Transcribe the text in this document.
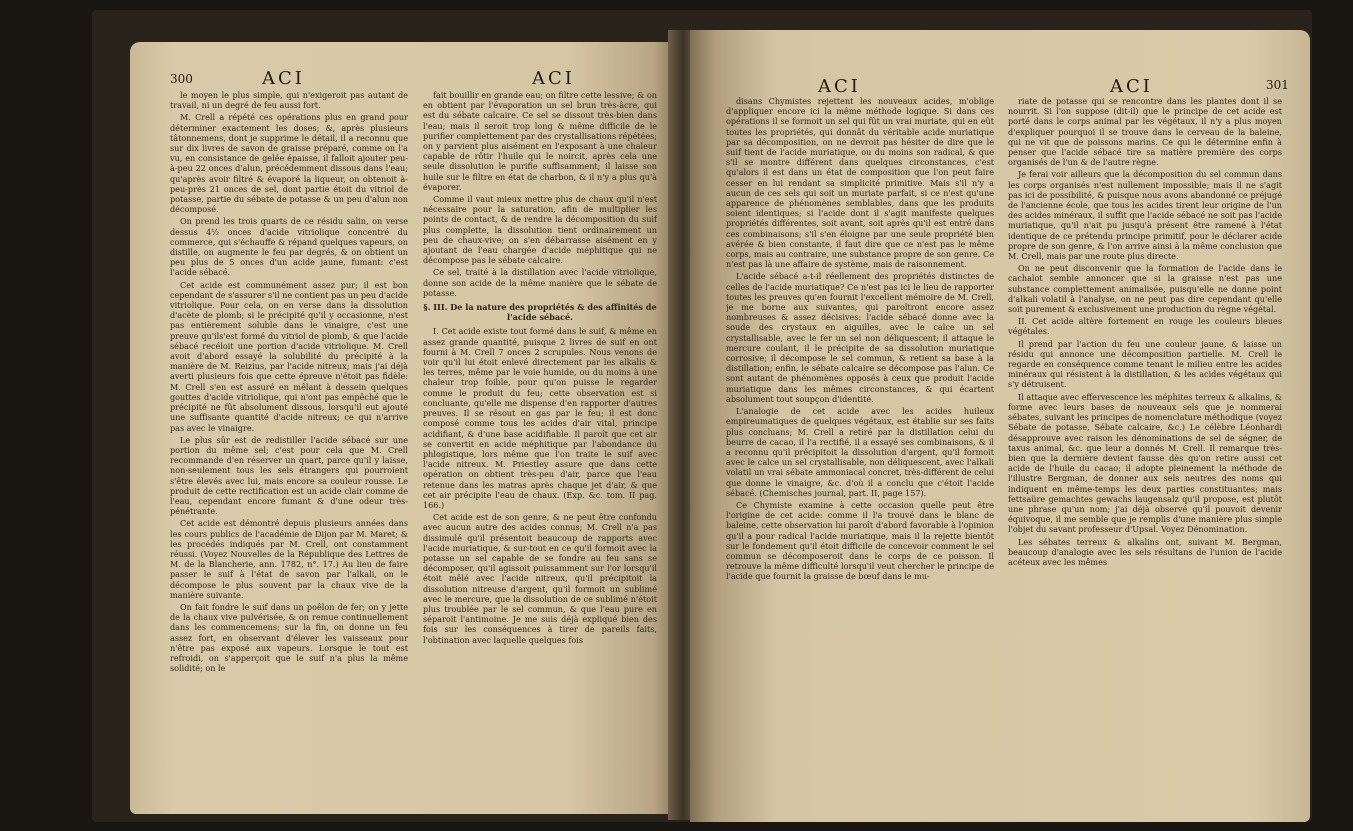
300	ACI	ACI

le moyen le plus simple, qui n'exigeroit pas autant de travail, ni un degré de feu aussi fort.

M. Crell a répété ces opérations plus en grand pour déterminer exactement les doses; &, après plusieurs tâtonnemens, dont je supprime le détail, il a reconnu que sur dix livres de savon de graisse préparé, comme on l'a vu, en consistance de gelée épaisse, il falloit ajouter peu-à-peu 22 onces d'alun, précédemment dissous dans l'eau; qu'après avoir filtré & évaporé la liqueur, on obtenoit à-peu-près 21 onces de sel, dont partie étoit du vitriol de potasse, partie du sébate de potasse & un peu d'alun non décomposé.

On prend les trois quarts de ce résidu salin, on verse dessus 4½ onces d'acide vitriolique concentré du commerce, qui s'échauffe & répand quelques vapeurs, on distille, on augmente le feu par degrés, & on obtient un peu plus de 5 onces d'un acide jaune, fumant: c'est l'acide sébacé.

Cet acide est communément assez pur; il est bon cependant de s'assurer s'il ne contient pas un peu d'acide vitriolique. Pour cela, on en verse dans la dissolution d'acète de plomb; si le précipité qu'il y occasionne, n'est pas entièrement soluble dans le vinaigre, c'est une preuve qu'ils'est formé du vitriol de plomb, & que l'acide sébacé recéloit une portion d'acide vitriolique. M. Crell avoit d'abord essayé la solubilité du précipité à la manière de M. Reizius, par l'acide nitreux; mais j'ai déjà averti plusieurs fois que cette épreuve n'étoit pas fidèle: M. Crell s'en est assuré en mêlant à dessein quelques gouttes d'acide vitriolique, qui n'ont pas empêché que le précipité ne fût absolument dissous, lorsqu'il eut ajouté une suffisante quantité d'acide nitreux; ce qui n'arrive pas avec le vinaigre.

Le plus sûr est de redistiller l'acide sébacé sur une portion du même sel; c'est pour cela que M. Crell recommande d'en réserver un quart, parce qu'il y laisse, non-seulement tous les sels étrangers qui pourroient s'être élevés avec lui, mais encore sa couleur rousse. Le produit de cette rectification est un acide clair comme de l'eau, cependant encore fumant & d'une odeur très-pénétrante.

Cet acide est démontré depuis plusieurs années dans les cours publics de l'académie de Dijon par M. Maret; & les procédés indiqués par M. Crell, ont constamment réussi. (Voyez Nouvelles de la République des Lettres de M. de la Blancherie, ann. 1782, n°. 17.) Au lieu de faire passer le suif à l'état de savon par l'alkali, on le décompose le plus souvent par la chaux vive de la manière suivante.

On fait fondre le suif dans un poêlon de fer; on y jette de la chaux vive pulvérisée, & on remue continuellement dans les commencemens; sur la fin, on donne un feu assez fort, en observant d'élever les vaisseaux pour n'être pas exposé aux vapeurs. Lorsque le tout est refroidi, on s'apperçoit que le suif n'a plus la même solidité; on le

fait bouillir en grande eau; on filtre cette lessive; & on en obtient par l'évaporation un sel brun très-âcre, qui est du sébate calcaire. Ce sel se dissout très-bien dans l'eau; mais il seroit trop long & même difficile de le purifier complettement par des crystallisations répétées; on y parvient plus aisément en l'exposant à une chaleur capable de rôtir l'huile qui le noircit, après cela une seule dissolution le purifie suffisamment; il laisse son huile sur le filtre en état de charbon, & il n'y a plus qu'à évaporer.

Comme il vaut mieux mettre plus de chaux qu'il n'est nécessaire pour la saturation, afin de multiplier les points de contact, & de rendre la décomposition du suif plus complette, la dissolution tient ordinairement un peu de chaux-vive; on s'en débarrasse aisément en y ajoutant de l'eau chargée d'acide méphitique qui ne décompose pas le sébate calcaire.

Ce sel, traité à la distillation avec l'acide vitriolique, donne son acide de la même manière que le sébate de potasse.

§. III. De la nature des propriétés & des affinités de l'acide sébacé.

I. Cet acide existe tout formé dans le suif, & même en assez grande quantité, puisque 2 livres de suif en ont fourni à M. Crell 7 onces 2 scrupules. Nous venons de voir qu'il lui étoit enlevé directement par les alkalis & les terres, même par le voie humide, ou du moins à une chaleur trop foible, pour qu'on puisse le regarder comme le produit du feu; cette observation est si concluante, qu'elle me dispense d'en rapporter d'autres preuves. Il se résout en gas par le feu; il est donc composé comme tous les acides d'air vital, principe acidifiant, & d'une base acidifiable. Il paroît que cet air se convertit en acide méphitique par l'abondance du phlogistique, lors même que l'on traite le suif avec l'acide nitreux. M. Priestley assure que dans cette opération on obtient très-peu d'air, parce que l'eau retenue dans les matras après chaque jet d'air, & que cet air précipite l'eau de chaux. (Exp. &c. tom. II pag. 166.)

Cet acide est de son genre, & ne peut être confondu avec aucun autre des acides connus; M. Crell n'a pas dissimulé qu'il présentoit beaucoup de rapports avec l'acide muriatique, & sur-tout en ce qu'il formoit avec la potasse un sel capable de se fondre au feu sans se décomposer, qu'il agissoit puissamment sur l'or lorsqu'il étoit mêlé avec l'acide nitreux, qu'il précipitoit la dissolution nitreuse d'argent, qu'il formoit un sublimé avec le mercure, que la dissolution de ce sublimé n'étoit plus troublée par le sel commun, & que l'eau pure en séparoit l'antimoine. Je me suis déjà expliqué bien des fois sur les conséquences à tirer de pareils faits, l'obtination avec laquelle quelques fois

ACI	ACI	301

disans Chymistes rejettent les nouveaux acides, m'oblige d'appliquer encore ici la même méthode logique. Si dans ces opérations il se formoit un sel qui fût un vrai muriate, qui en eût toutes les propriétés, qui donnât du véritable acide muriatique par sa décomposition, on ne devroit pas hésiter de dire que le suif tient de l'acide muriatique, ou du moins son radical, & que s'il se montre différent dans quelques circonstances, c'est qu'alors il est dans un état de composition que l'on peut faire cesser en lui rendant sa simplicité primitive. Mais s'il n'y a aucun de ces sels qui soit un muriate parfait, si ce n'est qu'une apparence de phénomènes semblables, dans que les produits soient identiques; si l'acide dont il s'agit manifeste quelques propriétés différentes, soit avant, soit après qu'il est entré dans ces combinaisons; s'il s'en éloigne par une seule propriété bien avérée & bien constante, il faut dire que ce n'est pas le même corps, mais au contraire, une substance propre de son genre. Ce n'est pas là une affaire de système, mais de raisonnement.

L'acide sébacé a-t-il réellement des propriétés distinctes de celles de l'acide muriatique? Ce n'est pas ici le lieu de rapporter toutes les preuves qu'en fournit l'excellent mémoire de M. Crell, je me borne aux suivantes, qui paroîtront encore assez nombreuses & assez décisives: l'acide sébacé donne avec la soude des crystaux en aiguilles, avec le calce un sel crystallisable, avec le fer un sel non déliquescent; il attaque le mercure coulant, il le précipite de sa dissolution muriatique corrosive; il décompose le sel commun, & retient sa base à la distillation; enfin, le sébate calcaire se décompose pas l'alun. Ce sont autant de phénomènes opposés à ceux que produit l'acide muriatique dans les mêmes circonstances, & qui écartent absolument tout soupçon d'identité.

L'analogie de cet acide avec les acides huileux empireumatiques de quelques végétaux, est établie sur ses faits plus concluans; M. Crell a retiré par la distillation celui du beurre de cacao, il l'a rectifié, il a essayé ses combinaisons, & il a reconnu qu'il précipitoit la dissolution d'argent, qu'il formoit avec le calce un sel crystallisable, non déliquescent, avec l'alkali volatil un vrai sébate ammoniacal concret, très-différent de celui que donne le vinaigre, &c. d'où il a conclu que c'étoit l'acide sébacé. (Chemisches journal, part. II, page 157).

Ce Chymiste examine à cette occasion quelle peut être l'origine de cet acide: comme il l'a trouvé dans le blanc de baleine, cette observation lui paroît d'abord favorable à l'opinion qu'il a pour radical l'acide muriatique, mais il la rejette bientôt sur le fondement qu'il étoit difficile de concevoir comment le sel commun se décomposeroit dans le corps de ce poisson. Il retrouve la même difficulté lorsqu'il veut chercher le principe de l'acide que fournit la graisse de bœuf dans le mu-

riate de potasse qui se rencontre dans les plantes dont il se nourrit. Si l'on suppose (dit-il) que le principe de cet acide est porté dans le corps animal par les végétaux, il n'y a plus moyen d'expliquer pourquoi il se trouve dans le cerveau de la baleine, qui ne vit que de poissons marins. Ce qui le détermine enfin à penser que l'acide sébacé tire sa matière première des corps organisés de l'un & de l'autre règne.

Je ferai voir ailleurs que la décomposition du sel commun dans les corps organisés n'est nullement impossible; mais il ne s'agit pas ici de possibilité, & puisque nous avons abandonné ce préjugé de l'ancienne école, que tous les acides tirent leur origine de l'un des acides minéraux, il suffit que l'acide sébacé ne soit pas l'acide muriatique, qu'il n'ait pu jusqu'à présent être ramené à l'état identique de ce prétendu principe primitif, pour le déclarer acide propre de son genre, & l'on arrive ainsi à la même conclusion que M. Crell, mais par une route plus directe.

On ne peut disconvenir que la formation de l'acide dans le cachalot semble annoncer que si la graisse n'est pas une substance complettement animalisée, puisqu'elle ne donne point d'alkali volatil à l'analyse, on ne peut pas dire cependant qu'elle soit purement & exclusivement une production du règne végétal.

II. Cet acide altère fortement en rouge les couleurs bleues végétales.

Il prend par l'action du feu une couleur jaune, & laisse un résidu qui annonce une décomposition partielle. M. Crell le regarde en conséquence comme tenant le milieu entre les acides minéraux qui résistent à la distillation, & les acides végétaux qui s'y détruisent.

Il attaque avec effervescence les méphites terreux & alkalins, & forme avec leurs bases de nouveaux sels que je nommerai sébates, suivant les principes de nomenclature méthodique (voyez Sébate de potasse, Sébate calcaire, &c.) Le célèbre Léonhardi désapprouve avec raison les dénominations de sel de ségner, de taxus animal, &c. que leur a donnés M. Crell. Il remarque très-bien que la dernière devient fausse dès qu'on retire aussi cet acide de l'huile du cacao; il adopte pleinement la méthode de l'illustre Bergman, de donner aux sels neutres des noms qui indiquent en même-temps les deux parties constituantes; mais fettsaüre gemachtes gewachs laugensalz qu'il propose, est plutôt une phrase qu'un nom; j'ai déjà observé qu'il pouvoit devenir équivoque, il me semble que je remplis d'une manière plus simple l'objet du savant professeur d'Upsal. Voyez Dénomination.

Les sébates terreux & alkalins ont, suivant M. Bergman, beaucoup d'analogie avec les sels résultans de l'union de l'acide acéteux avec les mêmes
